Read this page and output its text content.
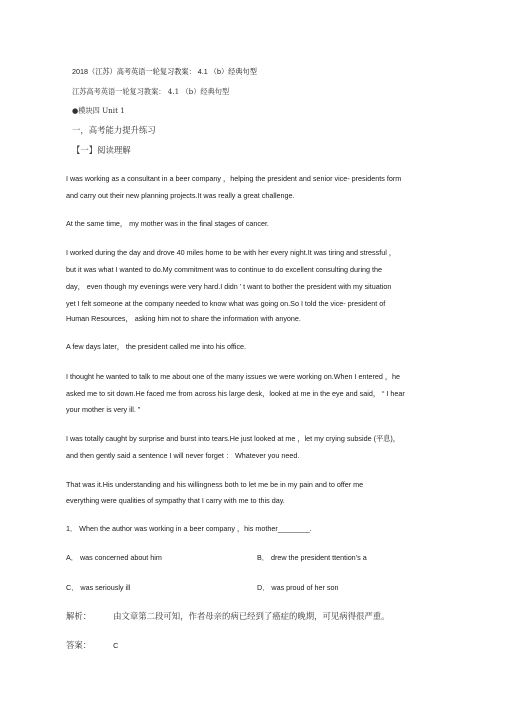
2018（江苏）高考英语一轮复习教案： 4.1 （b）经典句型
江苏高考英语一轮复习教案： 4.1 （b）经典句型
●模块四 Unit 1
一，高考能力提升练习
【一】阅读理解
I was working as a consultant in a beer company ，helping the president and senior vice- presidents form
and carry out their new planning projects.It was really a great challenge.
At the same time， my mother was in the final stages of cancer.
I worked during the day and drove 40 miles home to be with her every night.It was tiring and stressful ，
but it was what I wanted to do.My commitment was to continue to do excellent consulting during the
day， even though my evenings were very hard.I didn ’ t want to bother the president with my situation
yet I felt someone at the company needed to know what was going on.So I told the vice- president of
Human Resources， asking him not to share the information with anyone.
A few days later， the president called me into his office.
I thought he wanted to talk to me about one of the many issues we were working on.When I entered ，he
asked me to sit down.He faced me from across his large desk，looked at me in the eye and said， “ I hear
your mother is very ill. ”
I was totally caught by surprise and burst into tears.He just looked at me ，let my crying subside (平息)，
and then gently said a sentence I will never forget ： Whatever you need.
That was it.His understanding and his willingness both to let me be in my pain and to offer me
everything were qualities of sympathy that I carry with me to this day.
1． When the author was working in a beer company ，his mother________.
A． was concerned about him	B． drew the president ttention’s a
C． was seriously ill	D． was proud of her son
解析：	由文章第二段可知，作者母亲的病已经到了癌症的晚期，可见病得很严重。
答案：	C
